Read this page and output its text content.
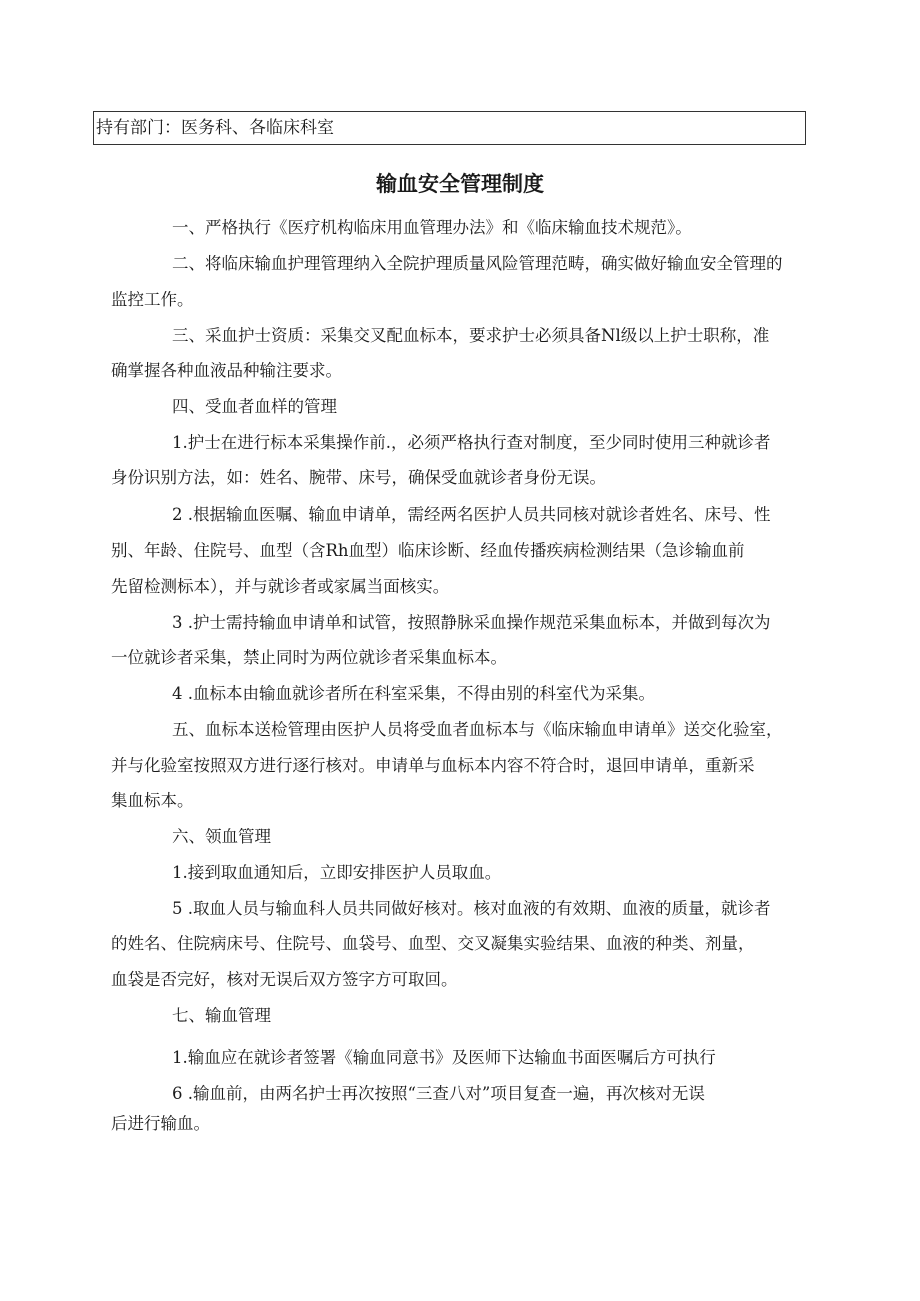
持有部门：医务科、各临床科室
输血安全管理制度
一、严格执行《医疗机构临床用血管理办法》和《临床输血技术规范》。
二、将临床输血护理管理纳入全院护理质量风险管理范畴，确实做好输血安全管理的
监控工作。
三、采血护士资质：采集交叉配血标本，要求护士必须具备Nl级以上护士职称，准
确掌握各种血液品种输注要求。
四、受血者血样的管理
1.护士在进行标本采集操作前.，必须严格执行查对制度，至少同时使用三种就诊者
身份识别方法，如：姓名、腕带、床号，确保受血就诊者身份无误。
2 .根据输血医嘱、输血申请单，需经两名医护人员共同核对就诊者姓名、床号、性
别、年龄、住院号、血型（含Rh血型）临床诊断、经血传播疾病检测结果（急诊输血前
先留检测标本），并与就诊者或家属当面核实。
3 .护士需持输血申请单和试管，按照静脉采血操作规范采集血标本，并做到每次为
一位就诊者采集，禁止同时为两位就诊者采集血标本。
4 .血标本由输血就诊者所在科室采集，不得由别的科室代为采集。
五、血标本送检管理由医护人员将受血者血标本与《临床输血申请单》送交化验室，
并与化验室按照双方进行逐行核对。申请单与血标本内容不符合时，退回申请单，重新采
集血标本。
六、领血管理
1.接到取血通知后，立即安排医护人员取血。
5 .取血人员与输血科人员共同做好核对。核对血液的有效期、血液的质量，就诊者
的姓名、住院病床号、住院号、血袋号、血型、交叉凝集实验结果、血液的种类、剂量，
血袋是否完好，核对无误后双方签字方可取回。
七、输血管理
1.输血应在就诊者签署《输血同意书》及医师下达输血书面医嘱后方可执行
6 .输血前，由两名护士再次按照“三查八对”项目复查一遍，再次核对无误
后进行输血。
